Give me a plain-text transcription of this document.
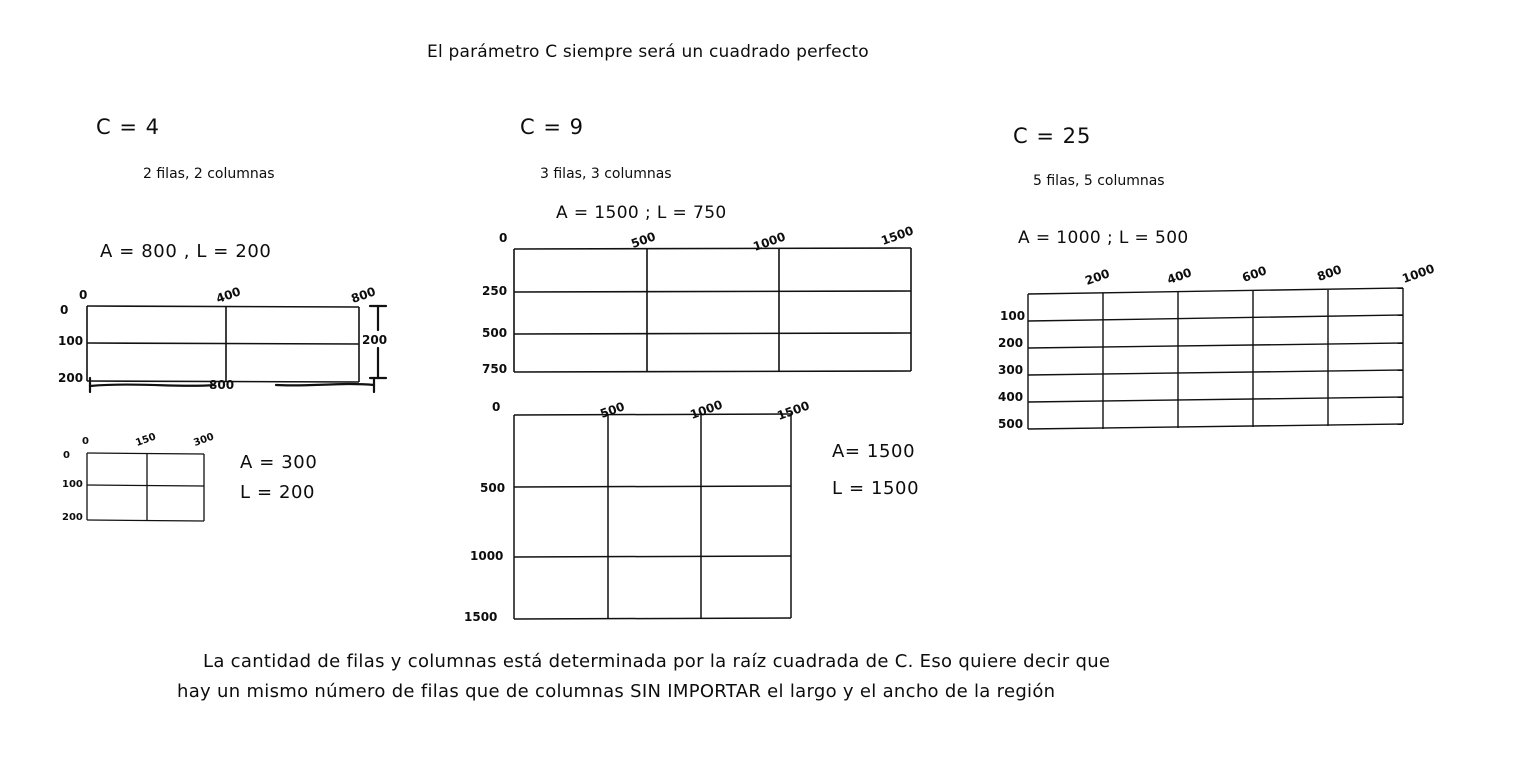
El parámetro C siempre será un cuadrado perfecto
C = 4
2 filas, 2 columnas
A = 800 , L = 200
0	400	800
0
100
200	800
200
0	150	300
0
100
200
A = 300
L = 200
C = 9
3 filas, 3 columnas
A = 1500 ; L = 750
0	500	1000	1500
250
500
750
0	500	1000	1500
500
1000
1500
A= 1500
L = 1500
C = 25
5 filas, 5 columnas
A = 1000 ; L = 500
200	400	600	800	1000
100
200
300
400
500
La cantidad de filas y columnas está determinada por la raíz cuadrada de C. Eso quiere decir que
hay un mismo número de filas que de columnas SIN IMPORTAR el largo y el ancho de la región
